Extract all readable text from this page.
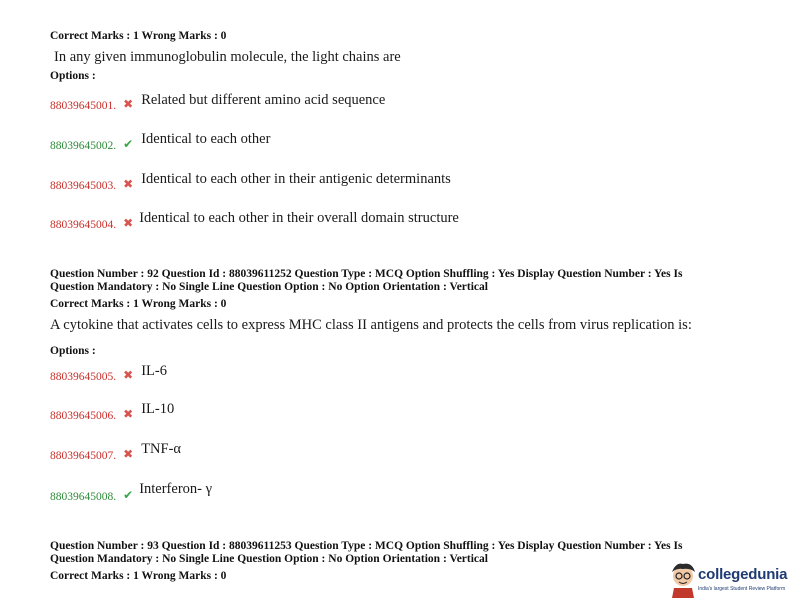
Correct Marks : 1 Wrong Marks : 0
In any given immunoglobulin molecule, the light chains are
Options :
$_{88039645001.}$ $_✖$ Related but different amino acid sequence
$_{88039645002.}$ $_✔$ Identical to each other
$_{88039645003.}$ $_✖$ Identical to each other in their antigenic determinants
$_{88039645004.}$ $_✖$ Identical to each other in their overall domain structure
Question Number : 92 Question Id : 88039611252 Question Type : MCQ Option Shuffling : Yes Display Question Number : Yes Is
Question Mandatory : No Single Line Question Option : No Option Orientation : Vertical
Correct Marks : 1 Wrong Marks : 0
A cytokine that activates cells to express MHC class II antigens and protects the cells from virus replication is:
Options :
$_{88039645005.}$ $_✖$ IL-6
$_{88039645006.}$ $_✖$ IL-10
$_{88039645007.}$ $_✖$ TNF-α
$_{88039645008.}$ $_✔$ Interferon- γ
Question Number : 93 Question Id : 88039611253 Question Type : MCQ Option Shuffling : Yes Display Question Number : Yes Is
Question Mandatory : No Single Line Question Option : No Option Orientation : Vertical
Correct Marks : 1 Wrong Marks : 0	collegedunia
India's largest Student Review Platform
